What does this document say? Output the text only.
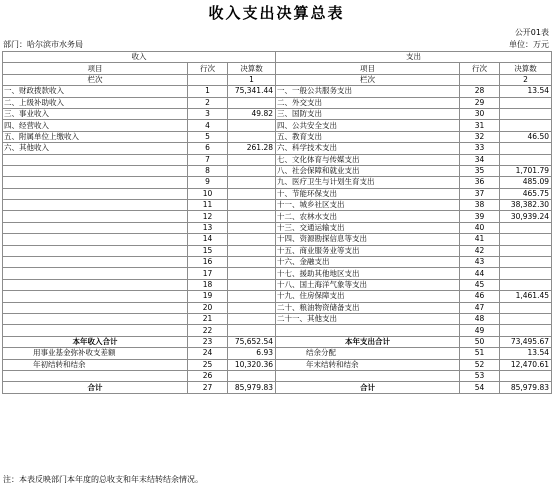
收入支出决算总表
公开01表
部门：哈尔滨市水务局	单位：万元
收入			支出		
项目	行次	决算数	项目	行次	决算数
栏次		1	栏次		2
一、财政拨款收入	1	75,341.44	一、一般公共服务支出	28	13.54
二、上级补助收入	2		二、外交支出	29	
三、事业收入	3	49.82	三、国防支出	30	
四、经营收入	4		四、公共安全支出	31	
五、附属单位上缴收入	5		五、教育支出	32	46.50
六、其他收入	6	261.28	六、科学技术支出	33	
	7		七、文化体育与传媒支出	34	
	8		八、社会保障和就业支出	35	1,701.79
	9		九、医疗卫生与计划生育支出	36	485.09
	10		十、节能环保支出	37	465.75
	11		十一、城乡社区支出	38	38,382.30
	12		十二、农林水支出	39	30,939.24
	13		十三、交通运输支出	40	
	14		十四、资源勘探信息等支出	41	
	15		十五、商业服务业等支出	42	
	16		十六、金融支出	43	
	17		十七、援助其他地区支出	44	
	18		十八、国土海洋气象等支出	45	
	19		十九、住房保障支出	46	1,461.45
	20		二十、粮油物资储备支出	47	
	21		二十一、其他支出	48	
	22			49	
本年收入合计	23	75,652.54	本年支出合计	50	73,495.67
用事业基金弥补收支差额	24	6.93	结余分配	51	13.54
年初结转和结余	25	10,320.36	年末结转和结余	52	12,470.61
	26			53	
合计	27	85,979.83	合计	54	85,979.83
注：本表反映部门本年度的总收支和年末结转结余情况。
